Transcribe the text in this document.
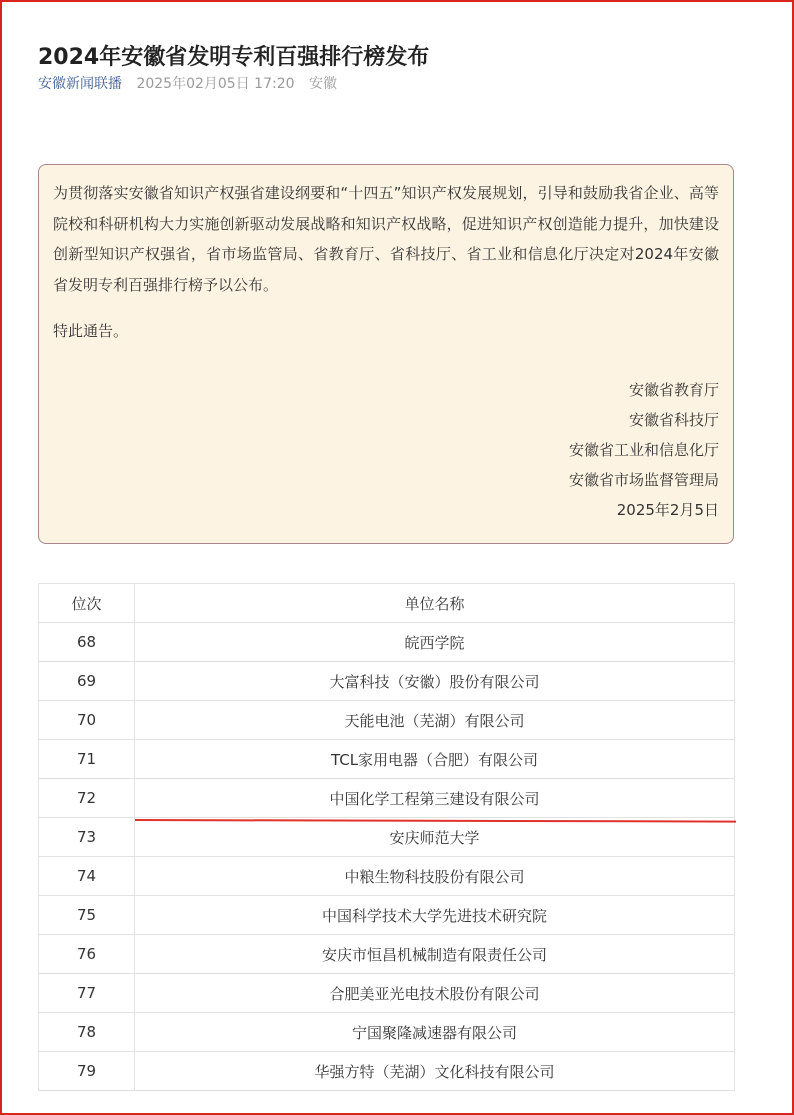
2024年安徽省发明专利百强排行榜发布
安徽新闻联播 2025年02月05日 17:20 安徽

为贯彻落实安徽省知识产权强省建设纲要和“十四五”知识产权发展规划，引导和鼓励我省企业、高等院校和科研机构大力实施创新驱动发展战略和知识产权战略，促进知识产权创造能力提升，加快建设创新型知识产权强省，省市场监管局、省教育厅、省科技厅、省工业和信息化厅决定对2024年安徽省发明专利百强排行榜予以公布。

特此通告。

安徽省教育厅
安徽省科技厅
安徽省工业和信息化厅
安徽省市场监督管理局
2025年2月5日
位次	单位名称
68	皖西学院
69	大富科技（安徽）股份有限公司
70	天能电池（芜湖）有限公司
71	TCL家用电器（合肥）有限公司
72	中国化学工程第三建设有限公司
73	安庆师范大学
74	中粮生物科技股份有限公司
75	中国科学技术大学先进技术研究院
76	安庆市恒昌机械制造有限责任公司
77	合肥美亚光电技术股份有限公司
78	宁国聚隆减速器有限公司
79	华强方特（芜湖）文化科技有限公司
